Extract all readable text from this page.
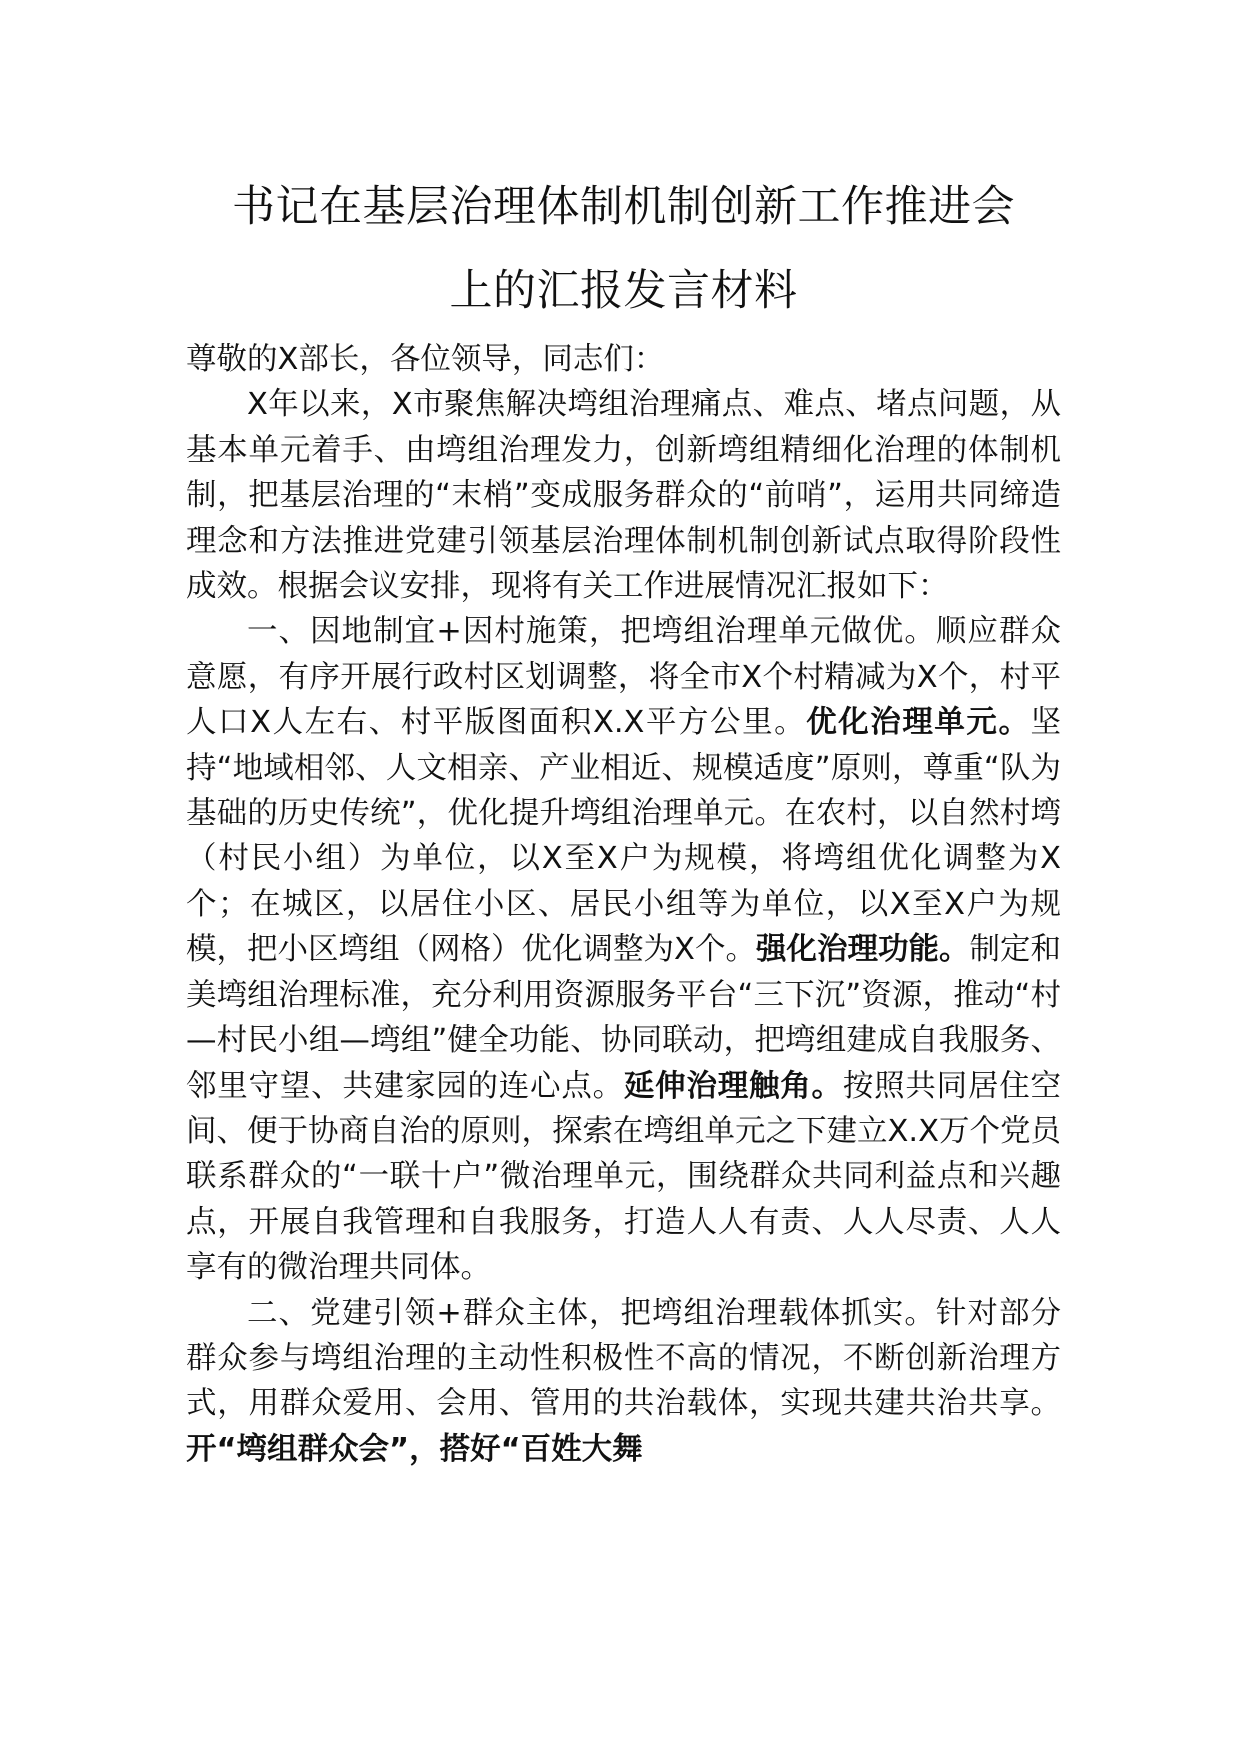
书记在基层治理体制机制创新工作推进会
上的汇报发言材料

尊敬的X部长，各位领导，同志们：

X年以来，X市聚焦解决塆组治理痛点、难点、堵点问题，从基本单元着手、由塆组治理发力，创新塆组精细化治理的体制机制，把基层治理的“末梢”变成服务群众的“前哨”，运用共同缔造理念和方法推进党建引领基层治理体制机制创新试点取得阶段性成效。根据会议安排，现将有关工作进展情况汇报如下：

一、因地制宜+因村施策，把塆组治理单元做优。顺应群众意愿，有序开展行政村区划调整，将全市X个村精减为X个，村平人口X人左右、村平版图面积X.X平方公里。优化治理单元。坚持“地域相邻、人文相亲、产业相近、规模适度”原则，尊重“队为基础的历史传统”，优化提升塆组治理单元。在农村，以自然村塆（村民小组）为单位，以X至X户为规模，将塆组优化调整为X个；在城区，以居住小区、居民小组等为单位，以X至X户为规模，把小区塆组（网格）优化调整为X个。强化治理功能。制定和美塆组治理标准，充分利用资源服务平台“三下沉”资源，推动“村—村民小组—塆组”健全功能、协同联动，把塆组建成自我服务、邻里守望、共建家园的连心点。延伸治理触角。按照共同居住空间、便于协商自治的原则，探索在塆组单元之下建立X.X万个党员联系群众的“一联十户”微治理单元，围绕群众共同利益点和兴趣点，开展自我管理和自我服务，打造人人有责、人人尽责、人人享有的微治理共同体。

二、党建引领+群众主体，把塆组治理载体抓实。针对部分群众参与塆组治理的主动性积极性不高的情况，不断创新治理方式，用群众爱用、会用、管用的共治载体，实现共建共治共享。开“塆组群众会”，搭好“百姓大舞
